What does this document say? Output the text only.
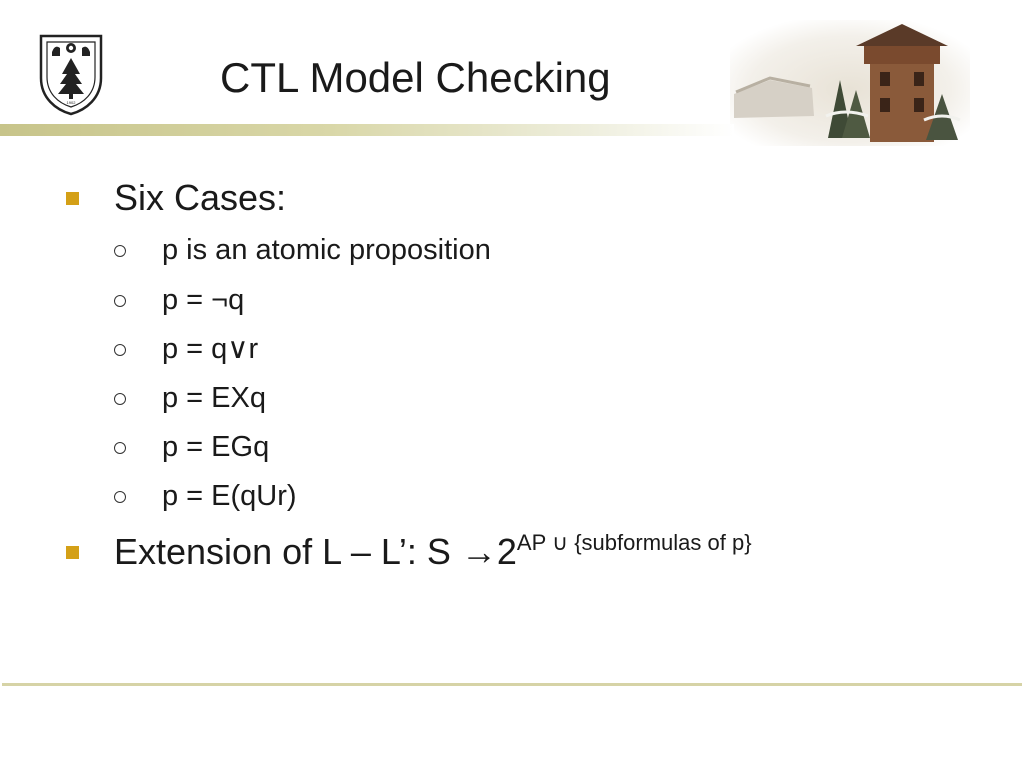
1902
CTL Model Checking
Six Cases:
p is an atomic proposition
p = ¬q
p = q∨r
p = EXq
p = EGq
p = E(qUr)
Extension of L – L’: $S \to 2^{AP}$ ∪ $^{\{subformulas of p\}}$
